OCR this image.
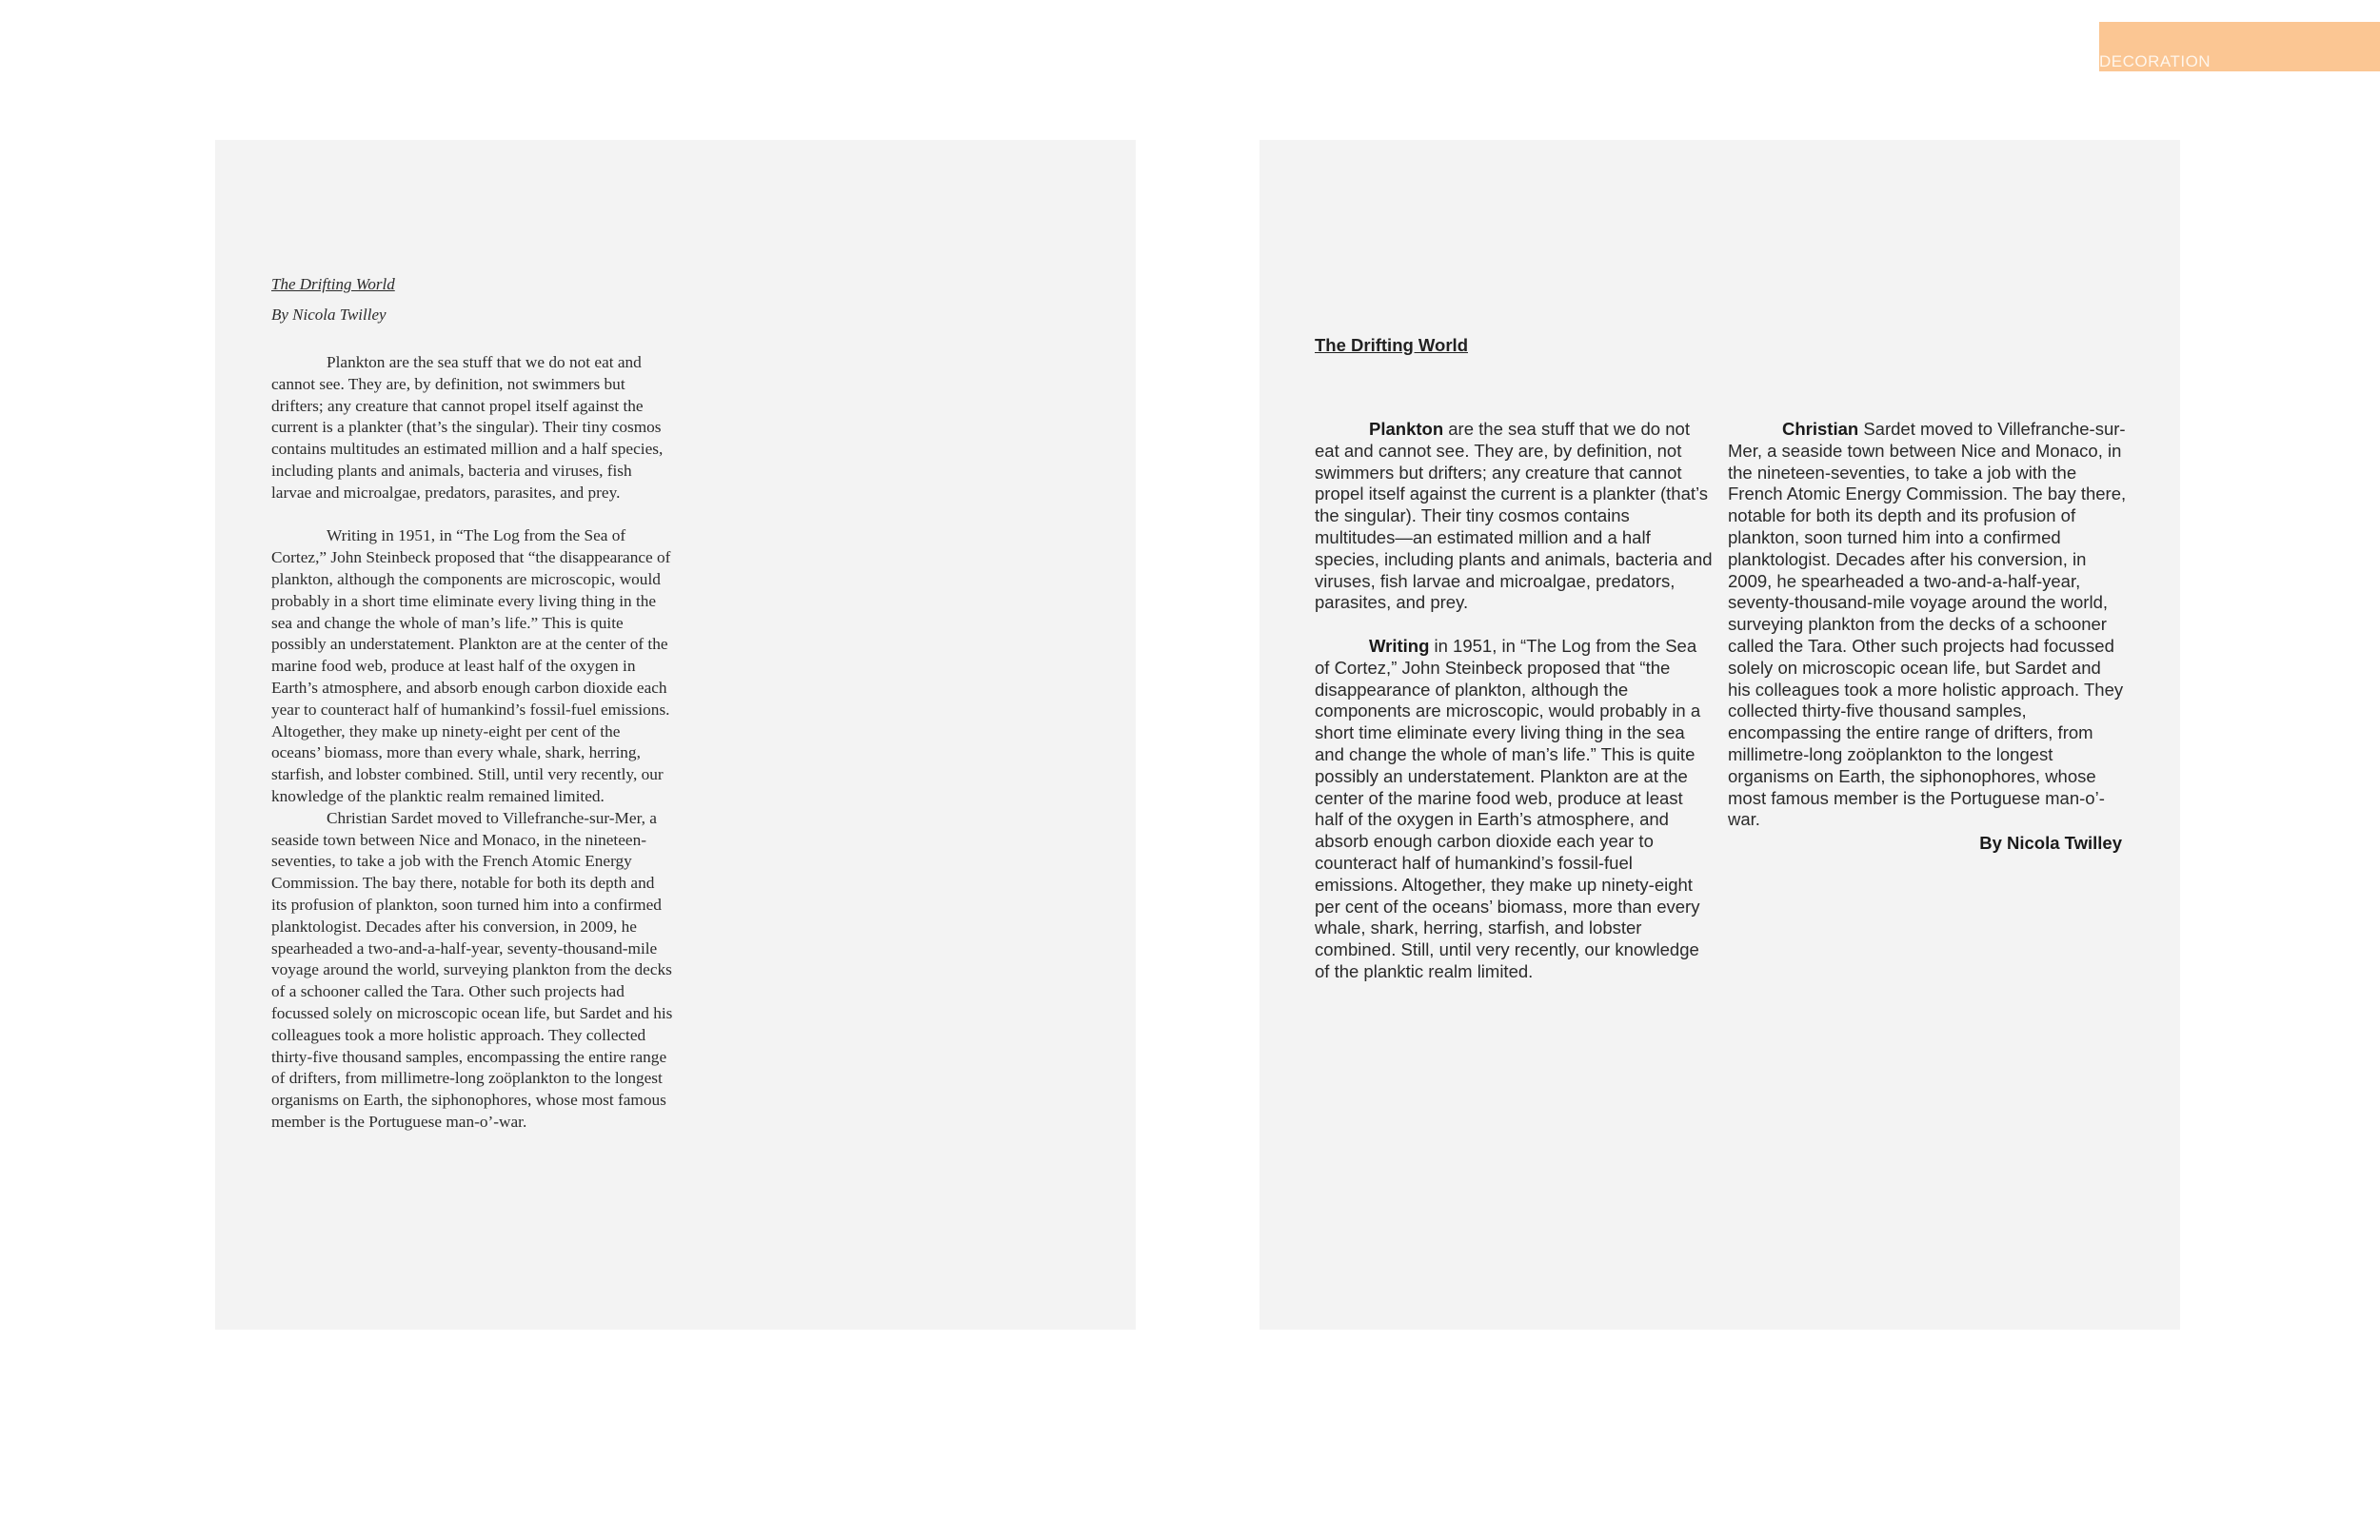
DECORATION
The Drifting World
By Nicola Twilley

Plankton are the sea stuff that we do not eat and cannot see. They are, by definition, not swimmers but drifters; any creature that cannot propel itself against the current is a plankter (that’s the singular). Their tiny cosmos contains multitudes an estimated million and a half species, including plants and animals, bacteria and viruses, fish larvae and microalgae, predators, parasites, and prey.

Writing in 1951, in “The Log from the Sea of Cortez,” John Steinbeck proposed that “the disappearance of plankton, although the components are microscopic, would probably in a short time eliminate every living thing in the sea and change the whole of man’s life.” This is quite possibly an understatement. Plankton are at the center of the marine food web, produce at least half of the oxygen in Earth’s atmosphere, and absorb enough carbon dioxide each year to counteract half of humankind’s fossil-fuel emissions. Altogether, they make up ninety-eight per cent of the oceans’ biomass, more than every whale, shark, herring, starfish, and lobster combined. Still, until very recently, our knowledge of the planktic realm remained limited.

Christian Sardet moved to Villefranche-sur-Mer, a seaside town between Nice and Monaco, in the nineteen-seventies, to take a job with the French Atomic Energy Commission. The bay there, notable for both its depth and its profusion of plankton, soon turned him into a confirmed planktologist. Decades after his conversion, in 2009, he spearheaded a two-and-a-half-year, seventy-thousand-mile voyage around the world, surveying plankton from the decks of a schooner called the Tara. Other such projects had focussed solely on microscopic ocean life, but Sardet and his colleagues took a more holistic approach. They collected thirty-five thousand samples, encompassing the entire range of drifters, from millimetre-long zoöplankton to the longest organisms on Earth, the siphonophores, whose most famous member is the Portuguese man-o’-war.

The Drifting World

Plankton are the sea stuff that we do not eat and cannot see. They are, by definition, not swimmers but drifters; any creature that cannot propel itself against the current is a plankter (that’s the singular). Their tiny cosmos contains multitudes—an estimated million and a half species, including plants and animals, bacteria and viruses, fish larvae and microalgae, predators, parasites, and prey.

Writing in 1951, in “The Log from the Sea of Cortez,” John Steinbeck proposed that “the disappearance of plankton, although the components are microscopic, would probably in a short time eliminate every living thing in the sea and change the whole of man’s life.” This is quite possibly an understatement. Plankton are at the center of the marine food web, produce at least half of the oxygen in Earth’s atmosphere, and absorb enough carbon dioxide each year to counteract half of humankind’s fossil-fuel emissions. Altogether, they make up ninety-eight per cent of the oceans’ biomass, more than every whale, shark, herring, starfish, and lobster combined. Still, until very recently, our knowledge of the planktic realm limited.

Christian Sardet moved to Villefranche-sur-Mer, a seaside town between Nice and Monaco, in the nineteen-seventies, to take a job with the French Atomic Energy Commission. The bay there, notable for both its depth and its profusion of plankton, soon turned him into a confirmed planktologist. Decades after his conversion, in 2009, he spearheaded a two-and-a-half-year, seventy-thousand-mile voyage around the world, surveying plankton from the decks of a schooner called the Tara. Other such projects had focussed solely on microscopic ocean life, but Sardet and his colleagues took a more holistic approach. They collected thirty-five thousand samples, encompassing the entire range of drifters, from millimetre-long zoöplankton to the longest organisms on Earth, the siphonophores, whose most famous member is the Portuguese man-o’-war.

By Nicola Twilley
